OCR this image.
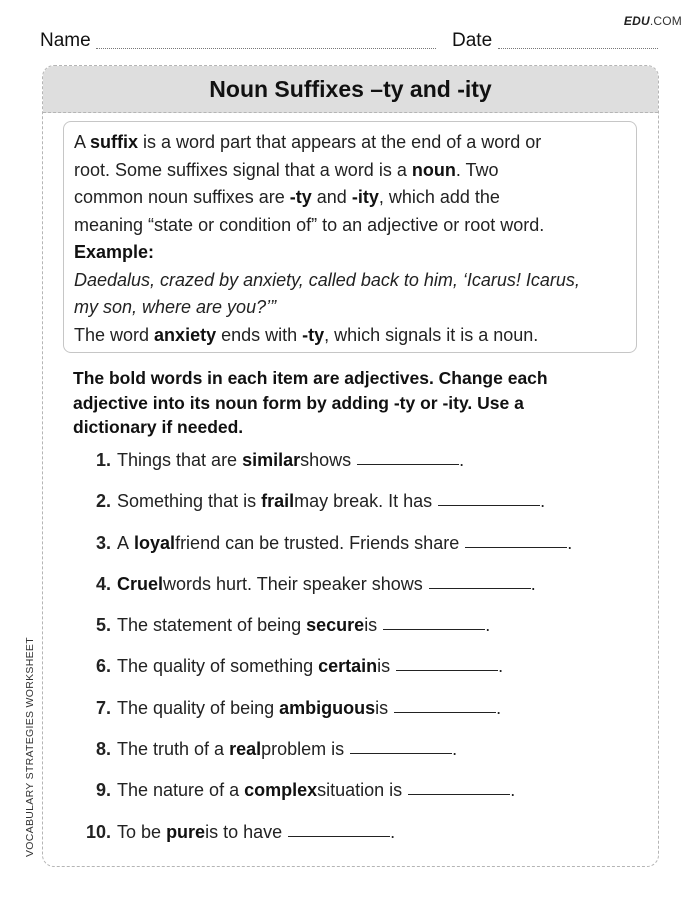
EDU.COM
Name	Date
Noun Suffixes –ty and -ity

A suffix is a word part that appears at the end of a word or

root. Some suffixes signal that a word is a noun. Two

common noun suffixes are -ty and -ity, which add the

meaning “state or condition of” to an adjective or root word.

Example:

Daedalus, crazed by anxiety, called back to him, ‘Icarus! Icarus,

my son, where are you?’”

The word anxiety ends with -ty, which signals it is a noun.

The bold words in each item are adjectives. Change each
adjective into its noun form by adding -ty or -ity. Use a
dictionary if needed.
1. Things that are
similar shows	.
2. Something that is
frail may break. It has	.
3. A
loyal friend can be trusted. Friends share	.
4. Cruel words hurt. Their speaker shows	.
5. The statement of being
secure is	.
6. The quality of something
certain is	.
7. The quality of being
ambiguous is	.
8. The truth of a
real problem is	.
9. The nature of a
complex situation is	.
10. To be
pure is to have	.
VOCABULARY STRATEGIES WORKSHEET
